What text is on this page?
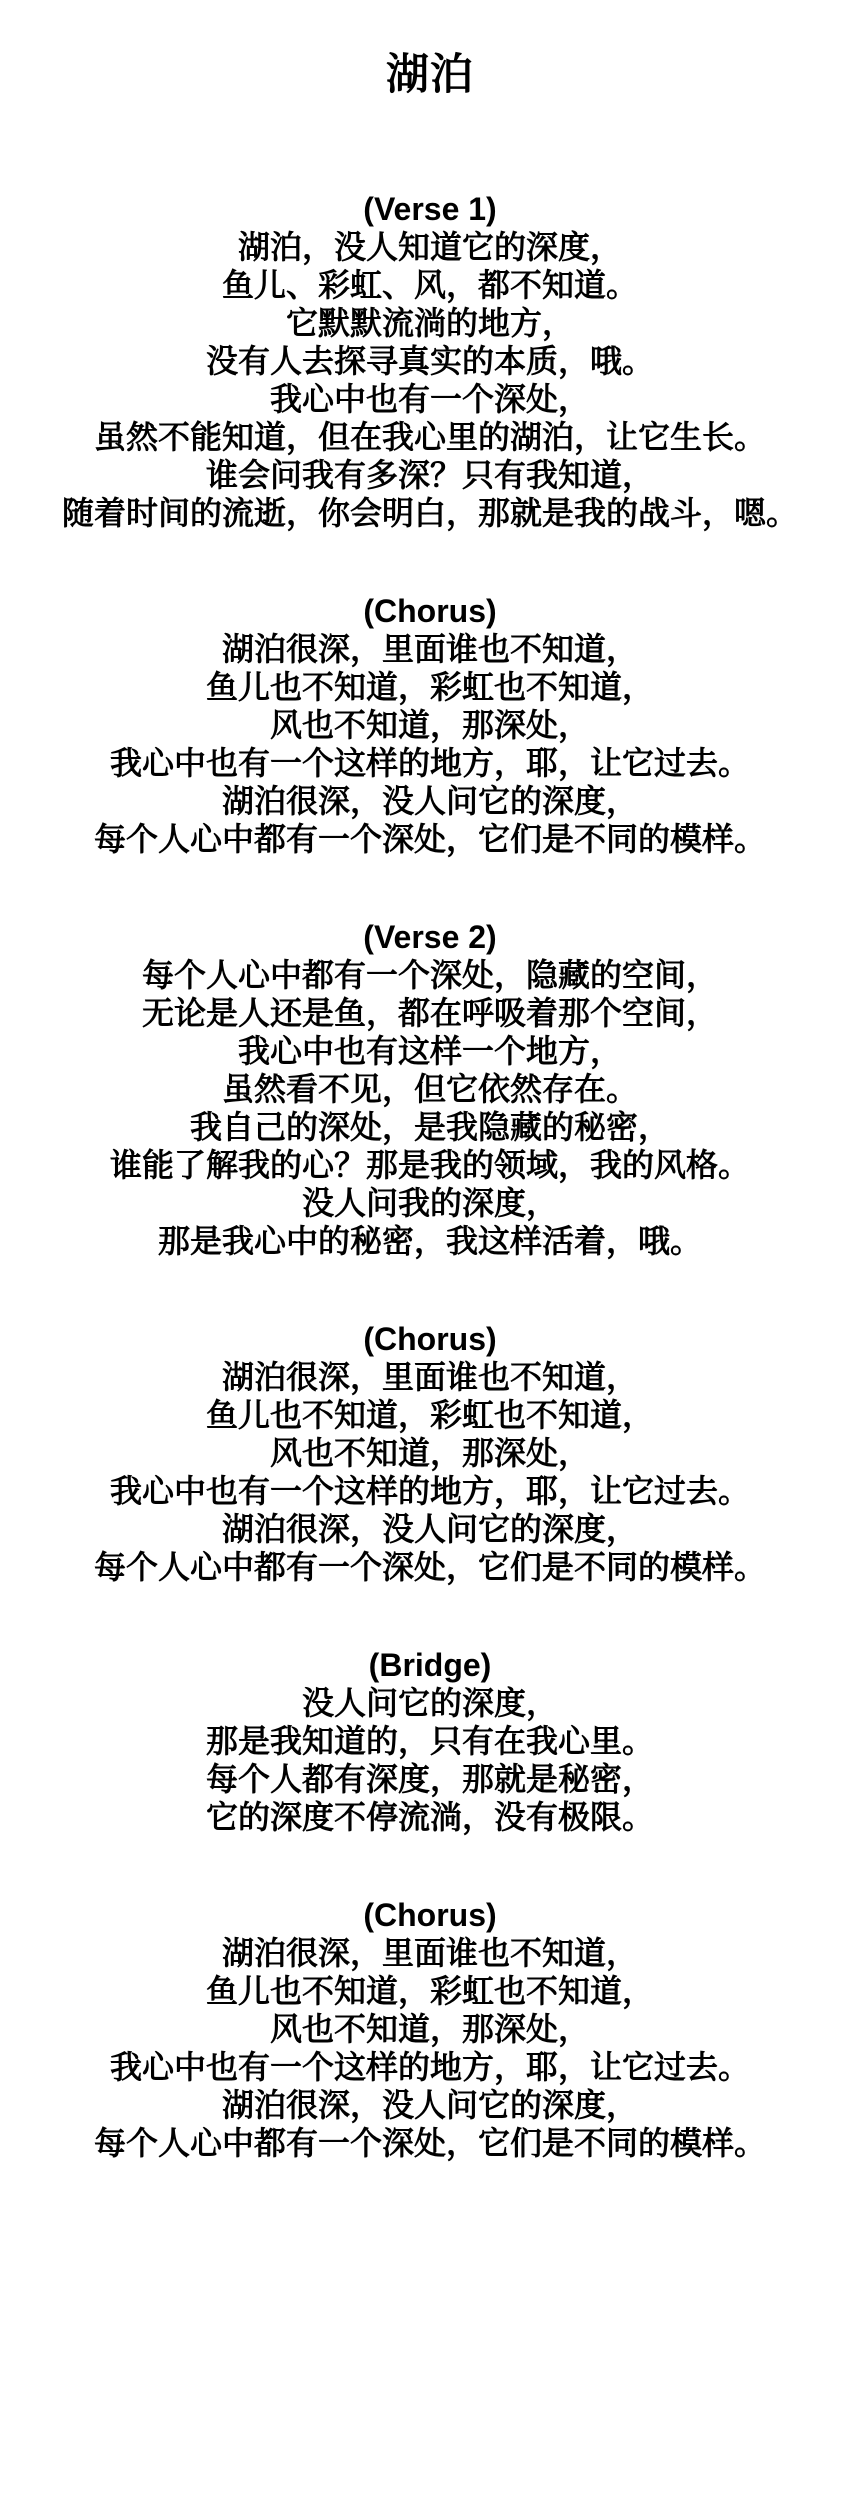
湖泊

(Verse 1)

湖泊，没人知道它的深度，

鱼儿、彩虹、风，都不知道。

它默默流淌的地方，

没有人去探寻真实的本质，哦。

我心中也有一个深处，

虽然不能知道，但在我心里的湖泊，让它生长。

谁会问我有多深？只有我知道，

随着时间的流逝，你会明白，那就是我的战斗，嗯。

(Chorus)

湖泊很深，里面谁也不知道，

鱼儿也不知道，彩虹也不知道，

风也不知道，那深处，

我心中也有一个这样的地方，耶，让它过去。

湖泊很深，没人问它的深度，

每个人心中都有一个深处，它们是不同的模样。

(Verse 2)

每个人心中都有一个深处，隐藏的空间，

无论是人还是鱼，都在呼吸着那个空间，

我心中也有这样一个地方，

虽然看不见，但它依然存在。

我自己的深处，是我隐藏的秘密，

谁能了解我的心？那是我的领域，我的风格。

没人问我的深度，

那是我心中的秘密，我这样活着，哦。

(Chorus)

湖泊很深，里面谁也不知道，

鱼儿也不知道，彩虹也不知道，

风也不知道，那深处，

我心中也有一个这样的地方，耶，让它过去。

湖泊很深，没人问它的深度，

每个人心中都有一个深处，它们是不同的模样。

(Bridge)

没人问它的深度，

那是我知道的，只有在我心里。

每个人都有深度，那就是秘密，

它的深度不停流淌，没有极限。

(Chorus)

湖泊很深，里面谁也不知道，

鱼儿也不知道，彩虹也不知道，

风也不知道，那深处，

我心中也有一个这样的地方，耶，让它过去。

湖泊很深，没人问它的深度，

每个人心中都有一个深处，它们是不同的模样。
